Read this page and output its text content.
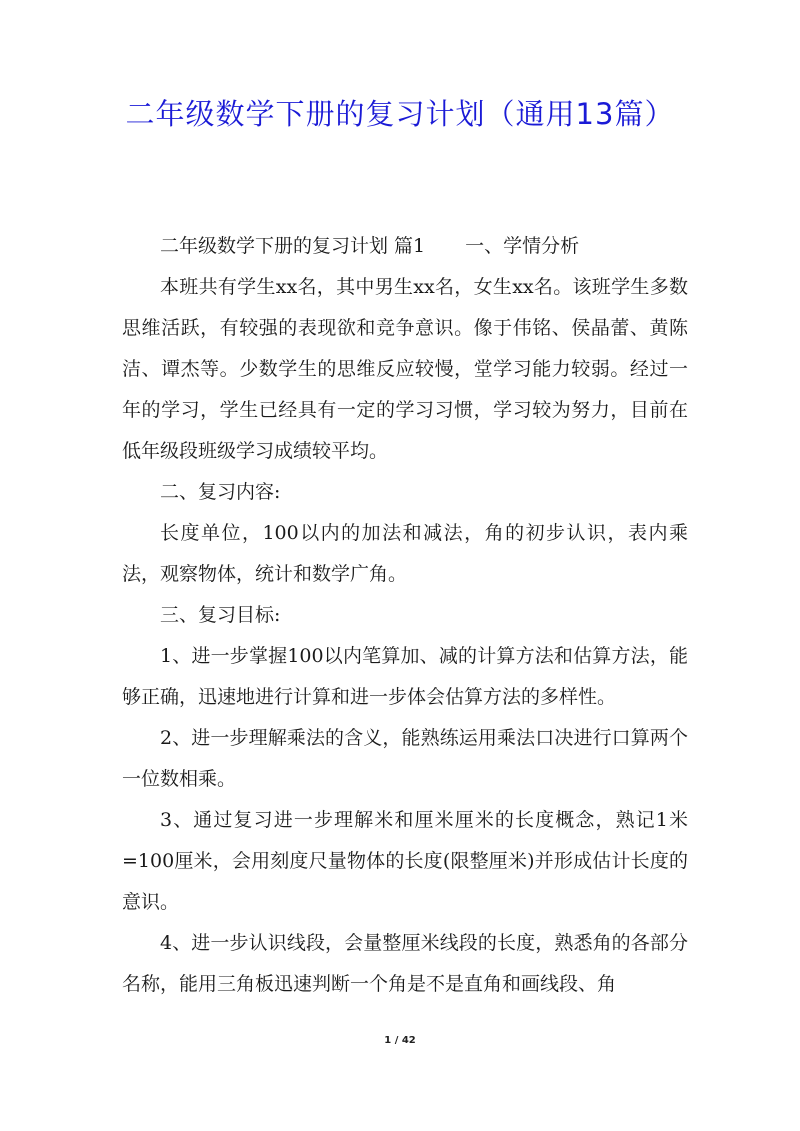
二年级数学下册的复习计划（通用13篇）

二年级数学下册的复习计划 篇1 一、学情分析

本班共有学生xx名，其中男生xx名，女生xx名。该班学生多数思维活跃，有较强的表现欲和竞争意识。像于伟铭、侯晶蕾、黄陈洁、谭杰等。少数学生的思维反应较慢，堂学习能力较弱。经过一年的学习，学生已经具有一定的学习习惯，学习较为努力，目前在低年级段班级学习成绩较平均。

二、复习内容:

长度单位，100以内的加法和减法，角的初步认识，表内乘法，观察物体，统计和数学广角。

三、复习目标:

1、进一步掌握100以内笔算加、减的计算方法和估算方法，能够正确，迅速地进行计算和进一步体会估算方法的多样性。

2、进一步理解乘法的含义，能熟练运用乘法口决进行口算两个一位数相乘。

3、通过复习进一步理解米和厘米厘米的长度概念，熟记1米=100厘米，会用刻度尺量物体的长度(限整厘米)并形成估计长度的意识。

4、进一步认识线段，会量整厘米线段的长度，熟悉角的各部分名称，能用三角板迅速判断一个角是不是直角和画线段、角

1 / 42
